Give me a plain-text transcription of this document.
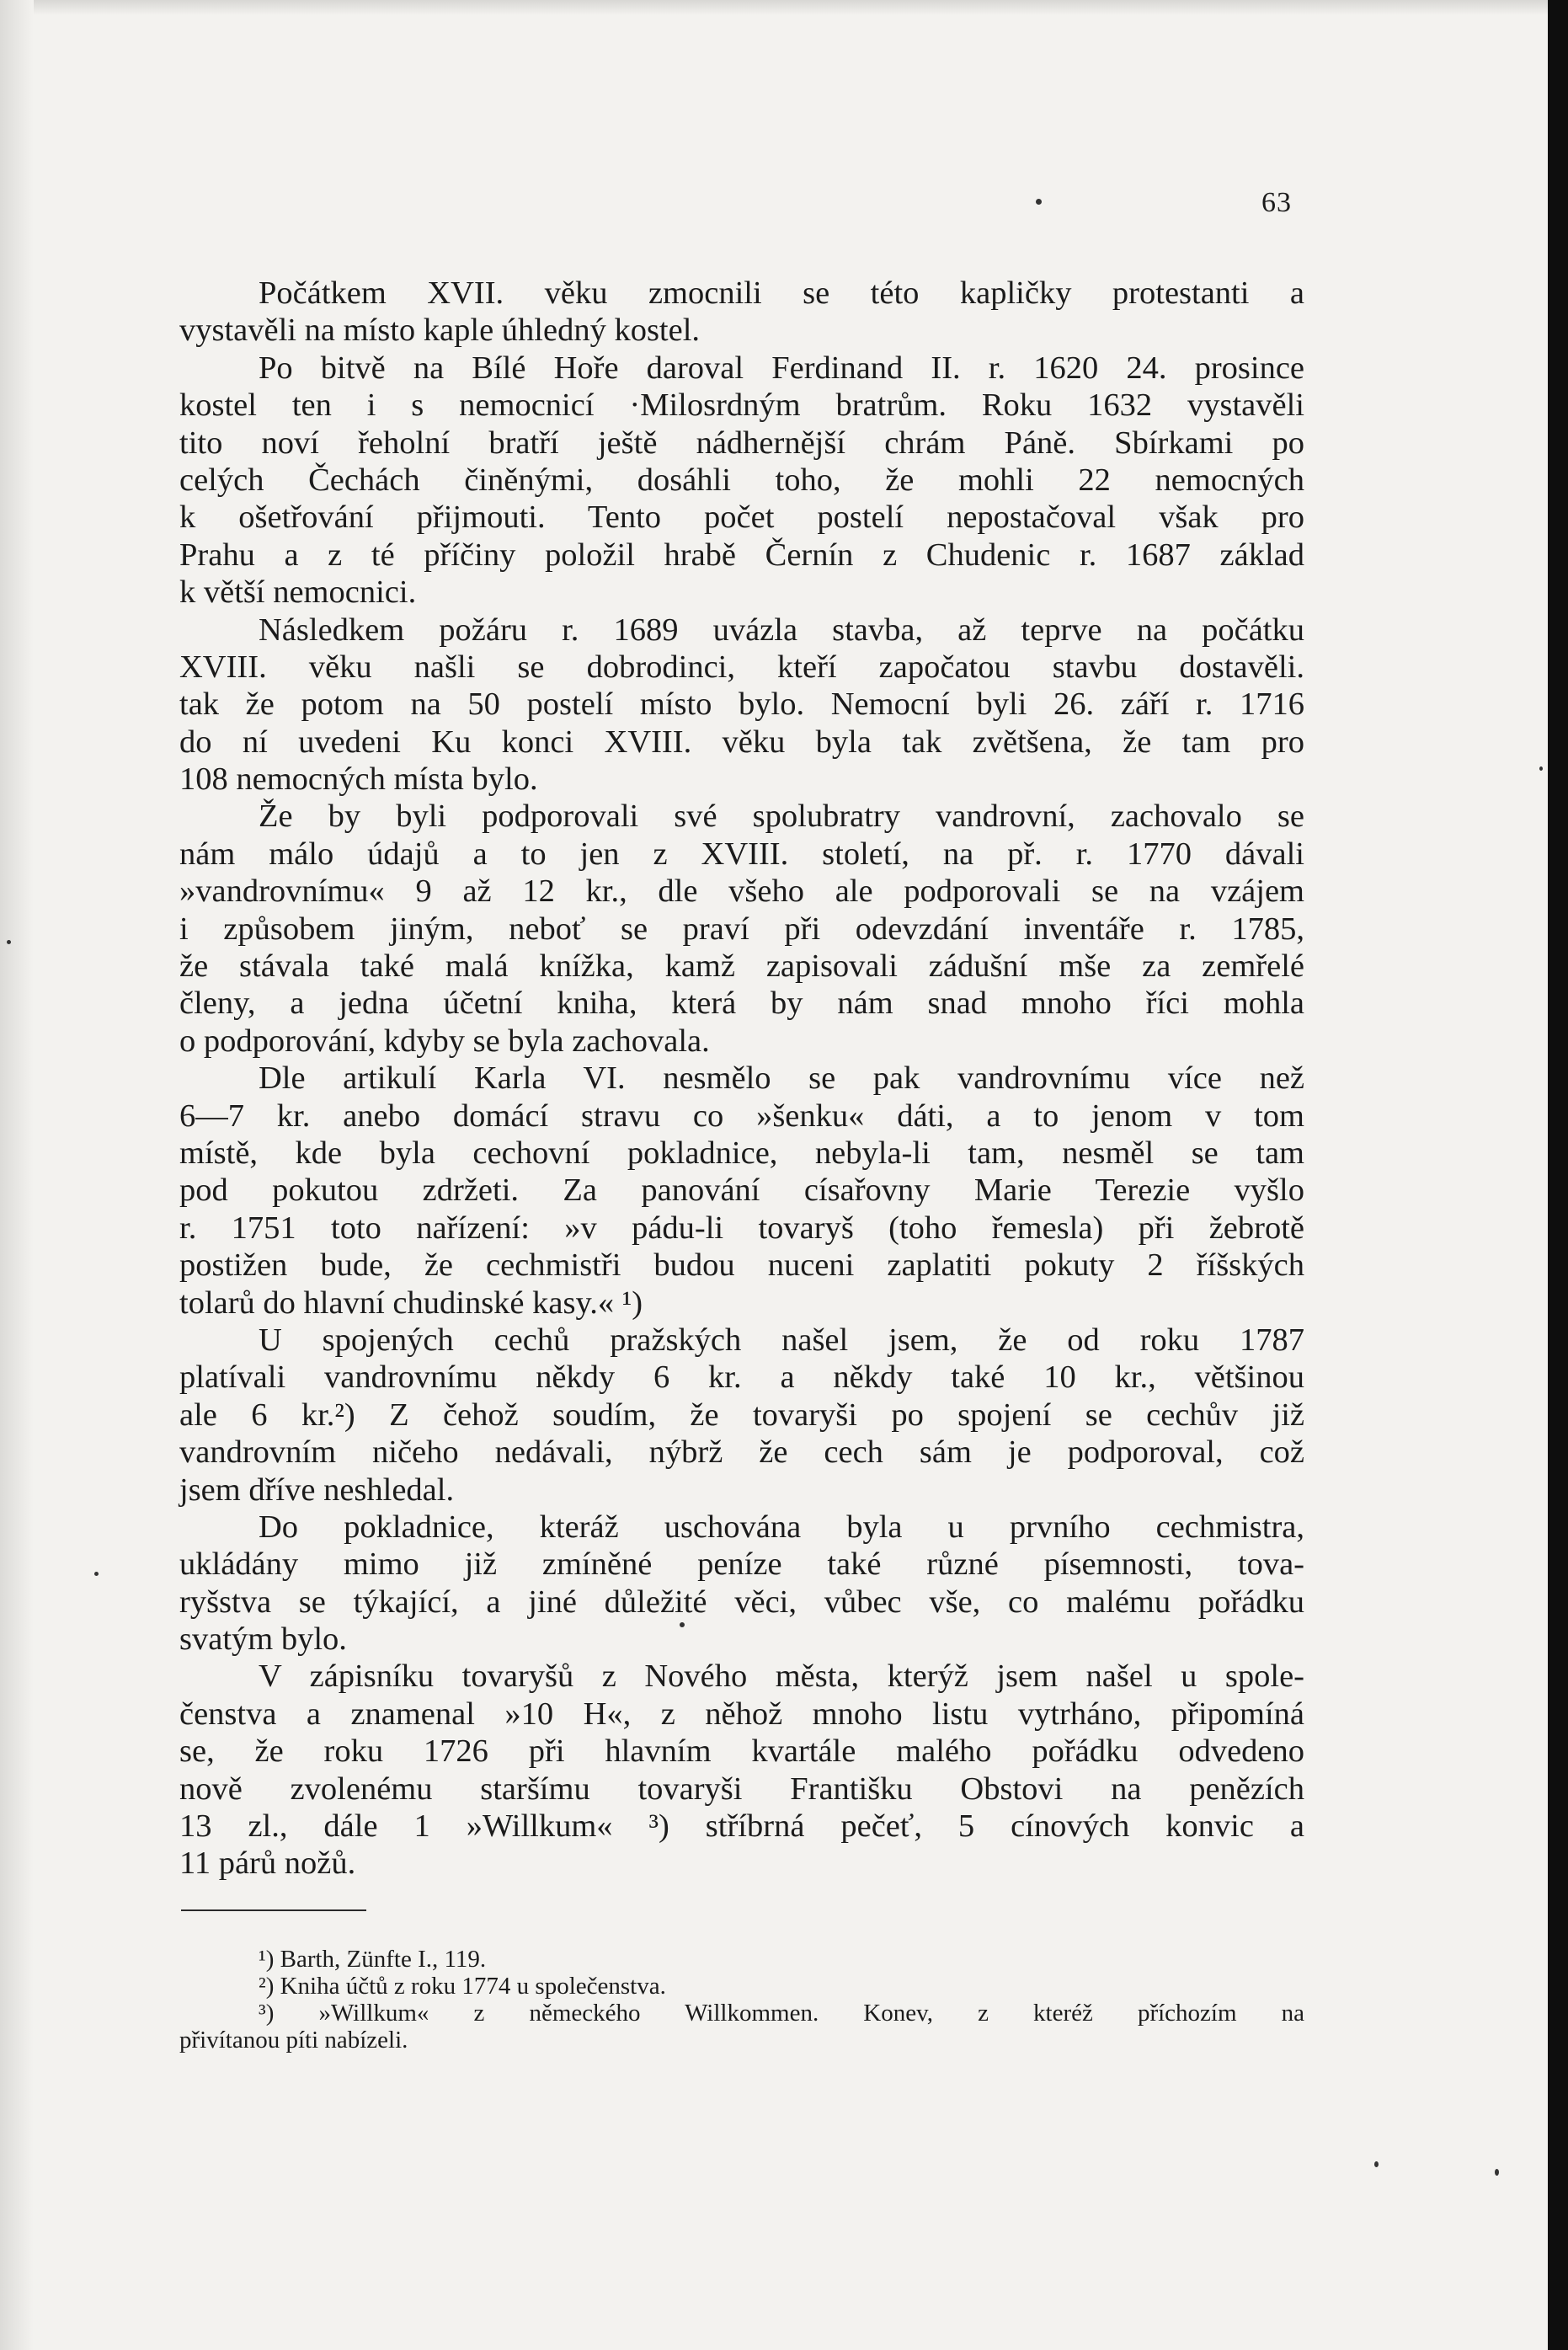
63
Počátkem XVII. věku zmocnili se této kapličky protestanti a
vystavěli na místo kaple úhledný kostel.
Po bitvě na Bílé Hoře daroval Ferdinand II. r. 1620 24. prosince
kostel ten i s nemocnicí ·Milosrdným bratrům. Roku 1632 vystavěli
tito noví řeholní bratří ještě nádhernější chrám Páně. Sbírkami po
celých Čechách činěnými, dosáhli toho, že mohli 22 nemocných
k ošetřování přijmouti. Tento počet postelí nepostačoval však pro
Prahu a z té příčiny položil hrabě Černín z Chudenic r. 1687 základ
k větší nemocnici.
Následkem požáru r. 1689 uvázla stavba, až teprve na počátku
XVIII. věku našli se dobrodinci, kteří započatou stavbu dostavěli.
tak že potom na 50 postelí místo bylo. Nemocní byli 26. září r. 1716
do ní uvedeni Ku konci XVIII. věku byla tak zvětšena, že tam pro
108 nemocných místa bylo.
Že by byli podporovali své spolubratry vandrovní, zachovalo se
nám málo údajů a to jen z XVIII. století, na př. r. 1770 dávali
»vandrovnímu« 9 až 12 kr., dle všeho ale podporovali se na vzájem
i způsobem jiným, neboť se praví při odevzdání inventáře r. 1785,
že stávala také malá knížka, kamž zapisovali zádušní mše za zemřelé
členy, a jedna účetní kniha, která by nám snad mnoho říci mohla
o podporování, kdyby se byla zachovala.
Dle artikulí Karla VI. nesmělo se pak vandrovnímu více než
6—7 kr. anebo domácí stravu co »šenku« dáti, a to jenom v tom
místě, kde byla cechovní pokladnice, nebyla-li tam, nesměl se tam
pod pokutou zdržeti. Za panování císařovny Marie Terezie vyšlo
r. 1751 toto nařízení: »v pádu-li tovaryš (toho řemesla) při žebrotě
postižen bude, že cechmistři budou nuceni zaplatiti pokuty 2 říšských
tolarů do hlavní chudinské kasy.« ¹)
U spojených cechů pražských našel jsem, že od roku 1787
platívali vandrovnímu někdy 6 kr. a někdy také 10 kr., většinou
ale 6 kr.²) Z čehož soudím, že tovaryši po spojení se cechův již
vandrovním ničeho nedávali, nýbrž že cech sám je podporoval, což
jsem dříve neshledal.
Do pokladnice, kteráž uschována byla u prvního cechmistra,
ukládány mimo již zmíněné peníze také různé písemnosti, tova-
ryšstva se týkající, a jiné důležité věci, vůbec vše, co malému pořádku
svatým bylo.
V zápisníku tovaryšů z Nového města, kterýž jsem našel u spole-
čenstva a znamenal »10 H«, z něhož mnoho listu vytrháno, připomíná
se, že roku 1726 při hlavním kvartále malého pořádku odvedeno
nově zvolenému staršímu tovaryši Františku Obstovi na penězích
13 zl., dále 1 »Willkum« ³) stříbrná pečeť, 5 cínových konvic a
11 párů nožů.
¹) Barth, Zünfte I., 119.
²) Kniha účtů z roku 1774 u společenstva.
³) »Willkum« z německého Willkommen. Konev, z kteréž příchozím na
přivítanou píti nabízeli.
